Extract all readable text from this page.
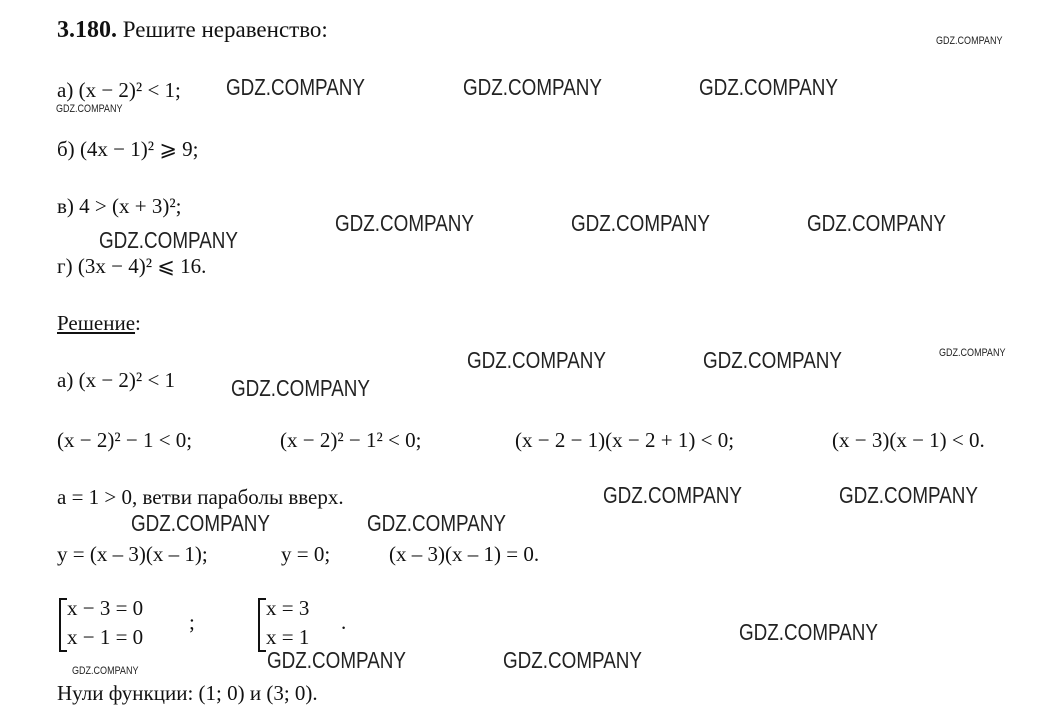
3.180. Решите неравенство:
а) (x − 2)² < 1;
б) (4x − 1)² ⩾ 9;
в) 4 > (x + 3)²;
г) (3x − 4)² ⩽ 16.
Решение:
а) (x − 2)² < 1
(x − 2)² − 1 < 0;	(x − 2)² − 1² < 0;	(x − 2 − 1)(x − 2 + 1) < 0;	(x − 3)(x − 1) < 0.
a = 1 > 0, ветви параболы вверх.
y = (x – 3)(x – 1);	y = 0;	(x – 3)(x – 1) = 0.
x − 3 = 0
x − 1 = 0
;
x = 3
x = 1
.
Нули функции: (1; 0) и (3; 0).
GDZ.COMPANY
GDZ.COMPANY	GDZ.COMPANY	GDZ.COMPANY
GDZ.COMPANY
GDZ.COMPANY	GDZ.COMPANY	GDZ.COMPANY
GDZ.COMPANY
GDZ.COMPANY
GDZ.COMPANY	GDZ.COMPANY
GDZ.COMPANY
GDZ.COMPANY	GDZ.COMPANY
GDZ.COMPANY	GDZ.COMPANY
GDZ.COMPANY
GDZ.COMPANY	GDZ.COMPANY
GDZ.COMPANY
